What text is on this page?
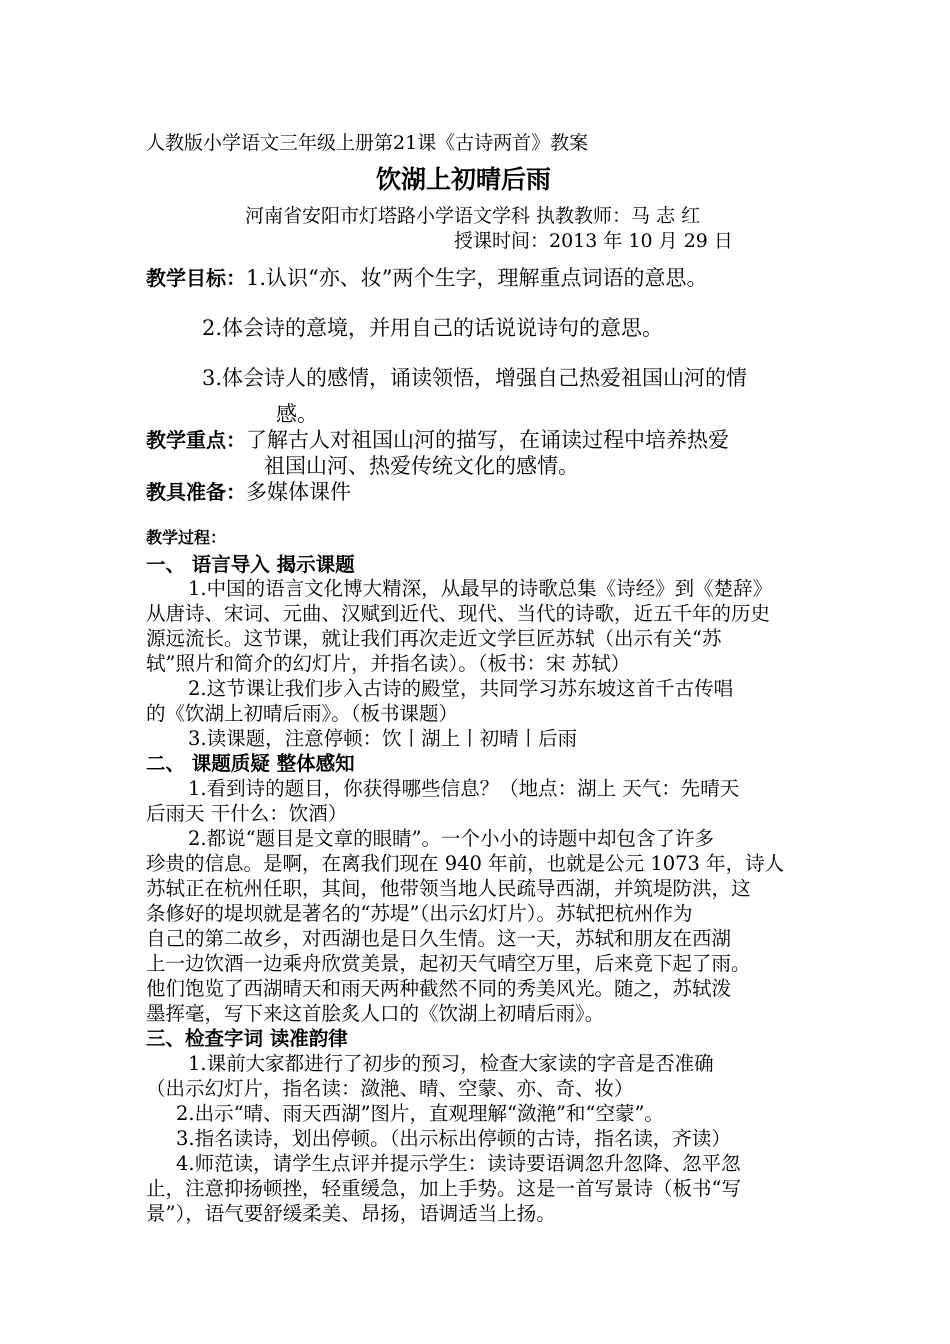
人教版小学语文三年级上册第21课《古诗两首》教案
饮湖上初晴后雨
河南省安阳市灯塔路小学语文学科 执教教师：马 志 红
授课时间：2013 年 10 月 29 日
教学目标：1.认识“亦、妆”两个生字，理解重点词语的意思。
2.体会诗的意境，并用自己的话说说诗句的意思。
3.体会诗人的感情，诵读领悟，增强自己热爱祖国山河的情
感。
教学重点：了解古人对祖国山河的描写，在诵读过程中培养热爱
祖国山河、热爱传统文化的感情。
教具准备：多媒体课件
教学过程：
一、 语言导入 揭示课题
1.中国的语言文化博大精深，从最早的诗歌总集《诗经》到《楚辞》
从唐诗、宋词、元曲、汉赋到近代、现代、当代的诗歌，近五千年的历史
源远流长。这节课，就让我们再次走近文学巨匠苏轼（出示有关“苏
轼”照片和简介的幻灯片，并指名读）。（板书：宋 苏轼）
2.这节课让我们步入古诗的殿堂，共同学习苏东坡这首千古传唱
的《饮湖上初晴后雨》。（板书课题）
3.读课题，注意停顿：饮丨湖上丨初晴丨后雨
二、 课题质疑 整体感知
1.看到诗的题目，你获得哪些信息？（地点：湖上 天气：先晴天
后雨天 干什么：饮酒）
2.都说“题目是文章的眼睛”。一个小小的诗题中却包含了许多
珍贵的信息。是啊，在离我们现在 940 年前，也就是公元 1073 年，诗人
苏轼正在杭州任职，其间，他带领当地人民疏导西湖，并筑堤防洪，这
条修好的堤坝就是著名的“苏堤”（出示幻灯片）。苏轼把杭州作为
自己的第二故乡，对西湖也是日久生情。这一天，苏轼和朋友在西湖
上一边饮酒一边乘舟欣赏美景，起初天气晴空万里，后来竟下起了雨。
他们饱览了西湖晴天和雨天两种截然不同的秀美风光。随之，苏轼泼
墨挥毫，写下来这首脍炙人口的《饮湖上初晴后雨》。
三、检查字词 读准韵律
1.课前大家都进行了初步的预习，检查大家读的字音是否准确
（出示幻灯片，指名读：潋滟、晴、空蒙、亦、奇、妆）
2.出示“晴、雨天西湖”图片，直观理解“潋滟”和“空蒙”。
3.指名读诗，划出停顿。（出示标出停顿的古诗，指名读，齐读）
4.师范读，请学生点评并提示学生：读诗要语调忽升忽降、忽平忽
止，注意抑扬顿挫，轻重缓急，加上手势。这是一首写景诗（板书“写
景”），语气要舒缓柔美、昂扬，语调适当上扬。
